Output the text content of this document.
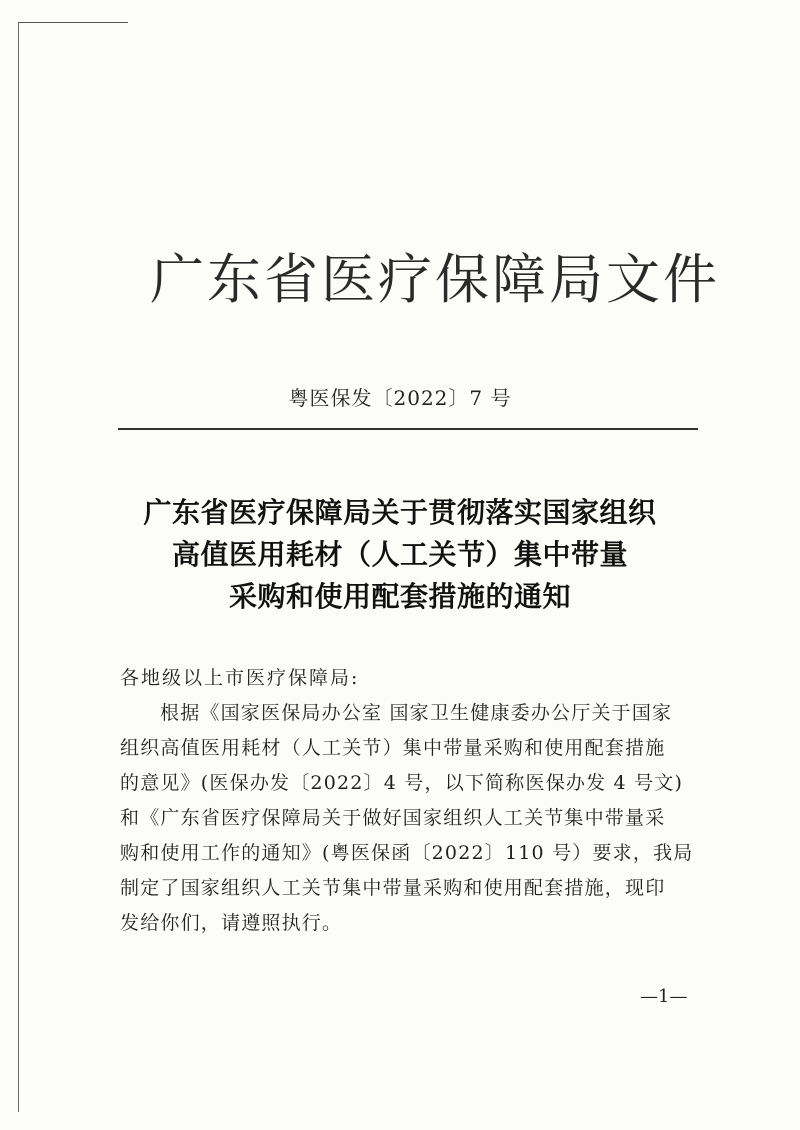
广东省医疗保障局文件
粤医保发〔2022〕7 号
广东省医疗保障局关于贯彻落实国家组织
高值医用耗材（人工关节）集中带量
采购和使用配套措施的通知
各地级以上市医疗保障局:
根据《国家医保局办公室 国家卫生健康委办公厅关于国家
组织高值医用耗材（人工关节）集中带量采购和使用配套措施
的意见》(医保办发〔2022〕4 号，以下简称医保办发 4 号文)
和《广东省医疗保障局关于做好国家组织人工关节集中带量采
购和使用工作的通知》(粤医保函〔2022〕110 号）要求，我局
制定了国家组织人工关节集中带量采购和使用配套措施，现印
发给你们，请遵照执行。
—1—
